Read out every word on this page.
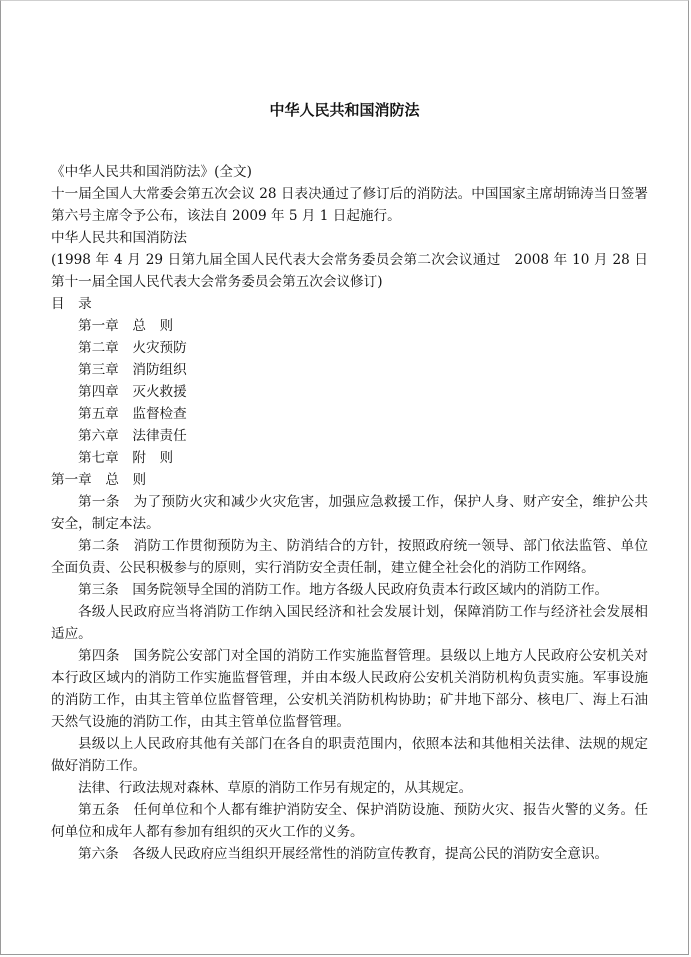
中华人民共和国消防法

《中华人民共和国消防法》(全文)

十一届全国人大常委会第五次会议 28 日表决通过了修订后的消防法。中国国家主席胡锦涛当日签署第六号主席令予公布，该法自 2009 年 5 月 1 日起施行。

中华人民共和国消防法

(1998 年 4 月 29 日第九届全国人民代表大会常务委员会第二次会议通过　2008 年 10 月 28 日第十一届全国人民代表大会常务委员会第五次会议修订)

目　录

第一章　总　则

第二章　火灾预防

第三章　消防组织

第四章　灭火救援

第五章　监督检查

第六章　法律责任

第七章　附　则

第一章　总　则

第一条　为了预防火灾和减少火灾危害，加强应急救援工作，保护人身、财产安全，维护公共安全，制定本法。

第二条　消防工作贯彻预防为主、防消结合的方针，按照政府统一领导、部门依法监管、单位全面负责、公民积极参与的原则，实行消防安全责任制，建立健全社会化的消防工作网络。

第三条　国务院领导全国的消防工作。地方各级人民政府负责本行政区域内的消防工作。

各级人民政府应当将消防工作纳入国民经济和社会发展计划，保障消防工作与经济社会发展相适应。

第四条　国务院公安部门对全国的消防工作实施监督管理。县级以上地方人民政府公安机关对本行政区域内的消防工作实施监督管理，并由本级人民政府公安机关消防机构负责实施。军事设施的消防工作，由其主管单位监督管理，公安机关消防机构协助；矿井地下部分、核电厂、海上石油天然气设施的消防工作，由其主管单位监督管理。

县级以上人民政府其他有关部门在各自的职责范围内，依照本法和其他相关法律、法规的规定做好消防工作。

法律、行政法规对森林、草原的消防工作另有规定的，从其规定。

第五条　任何单位和个人都有维护消防安全、保护消防设施、预防火灾、报告火警的义务。任何单位和成年人都有参加有组织的灭火工作的义务。

第六条　各级人民政府应当组织开展经常性的消防宣传教育，提高公民的消防安全意识。
